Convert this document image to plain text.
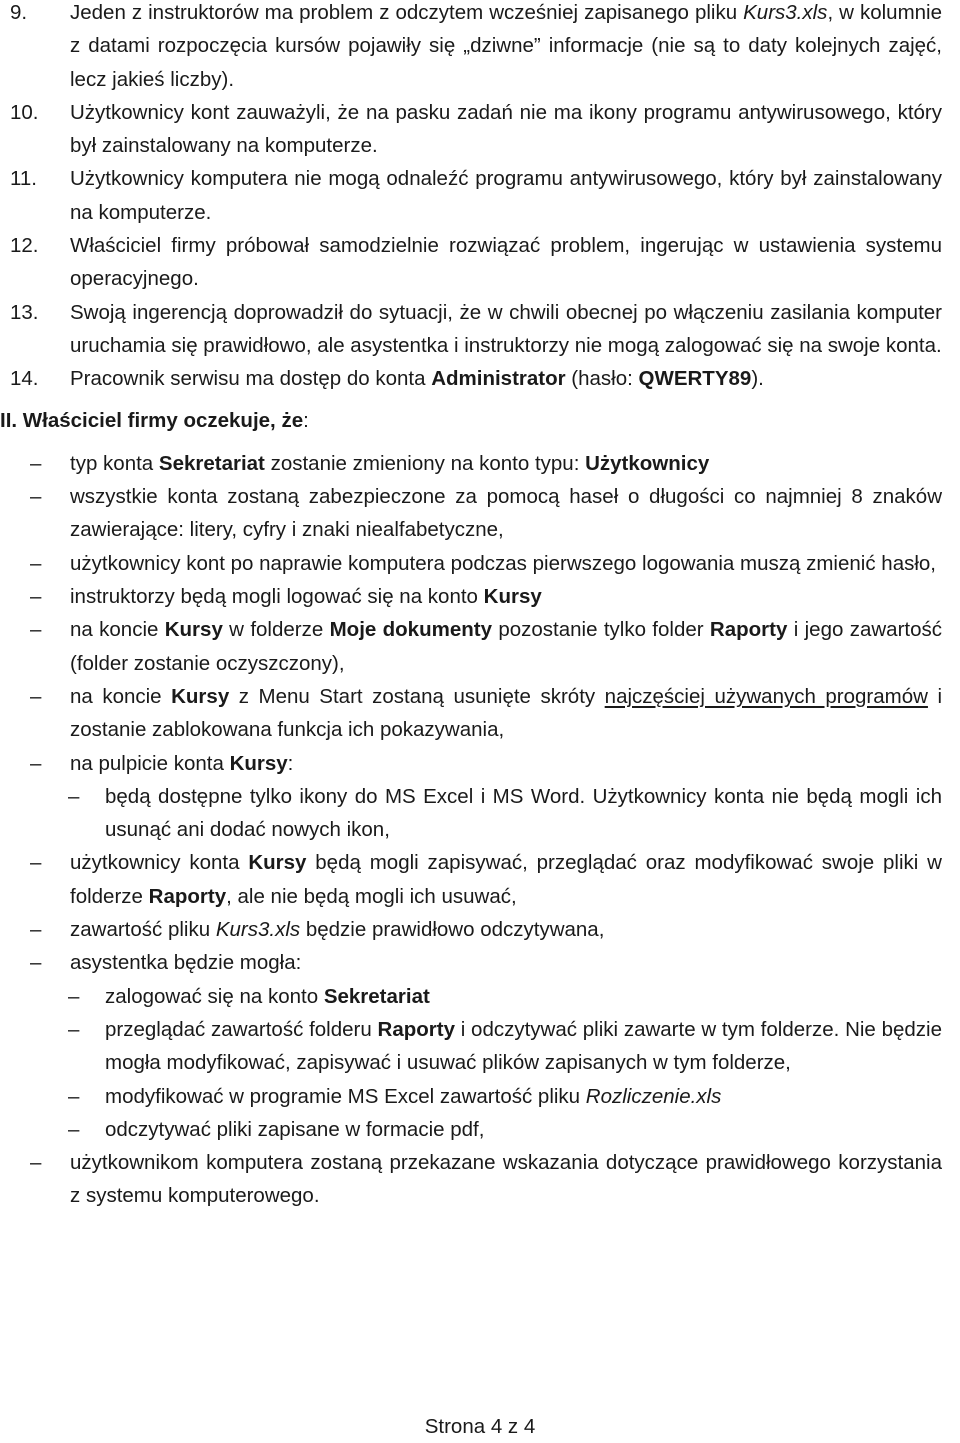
9. Jeden z instruktorów ma problem z odczytem wcześniej zapisanego pliku Kurs3.xls, w kolumnie z datami rozpoczęcia kursów pojawiły się „dziwne” informacje (nie są to daty kolejnych zajęć, lecz jakieś liczby).
10. Użytkownicy kont zauważyli, że na pasku zadań nie ma ikony programu antywirusowego, który był zainstalowany na komputerze.
11. Użytkownicy komputera nie mogą odnaleźć programu antywirusowego, który był zainstalowany na komputerze.
12. Właściciel firmy próbował samodzielnie rozwiązać problem, ingerując w ustawienia systemu operacyjnego.
13. Swoją ingerencją doprowadził do sytuacji, że w chwili obecnej po włączeniu zasilania komputer uruchamia się prawidłowo, ale asystentka i instruktorzy nie mogą zalogować się na swoje konta.
14. Pracownik serwisu ma dostęp do konta Administrator (hasło: QWERTY89).
II. Właściciel firmy oczekuje, że:
– typ konta Sekretariat zostanie zmieniony na konto typu: Użytkownicy
– wszystkie konta zostaną zabezpieczone za pomocą haseł o długości co najmniej 8 znaków zawierające: litery, cyfry i znaki niealfabetyczne,
– użytkownicy kont po naprawie komputera podczas pierwszego logowania muszą zmienić hasło,
– instruktorzy będą mogli logować się na konto Kursy
– na koncie Kursy w folderze Moje dokumenty pozostanie tylko folder Raporty i jego zawartość (folder zostanie oczyszczony),
– na koncie Kursy z Menu Start zostaną usunięte skróty najczęściej używanych programów i zostanie zablokowana funkcja ich pokazywania,
– na pulpicie konta Kursy:
– będą dostępne tylko ikony do MS Excel i MS Word. Użytkownicy konta nie będą mogli ich usunąć ani dodać nowych ikon,
– użytkownicy konta Kursy będą mogli zapisywać, przeglądać oraz modyfikować swoje pliki w folderze Raporty, ale nie będą mogli ich usuwać,
– zawartość pliku Kurs3.xls będzie prawidłowo odczytywana,
– asystentka będzie mogła:
– zalogować się na konto Sekretariat
– przeglądać zawartość folderu Raporty i odczytywać pliki zawarte w tym folderze. Nie będzie mogła modyfikować, zapisywać i usuwać plików zapisanych w tym folderze,
– modyfikować w programie MS Excel zawartość pliku Rozliczenie.xls
– odczytywać pliki zapisane w formacie pdf,
– użytkownikom komputera zostaną przekazane wskazania dotyczące prawidłowego korzystania z systemu komputerowego.
Strona 4 z 4
